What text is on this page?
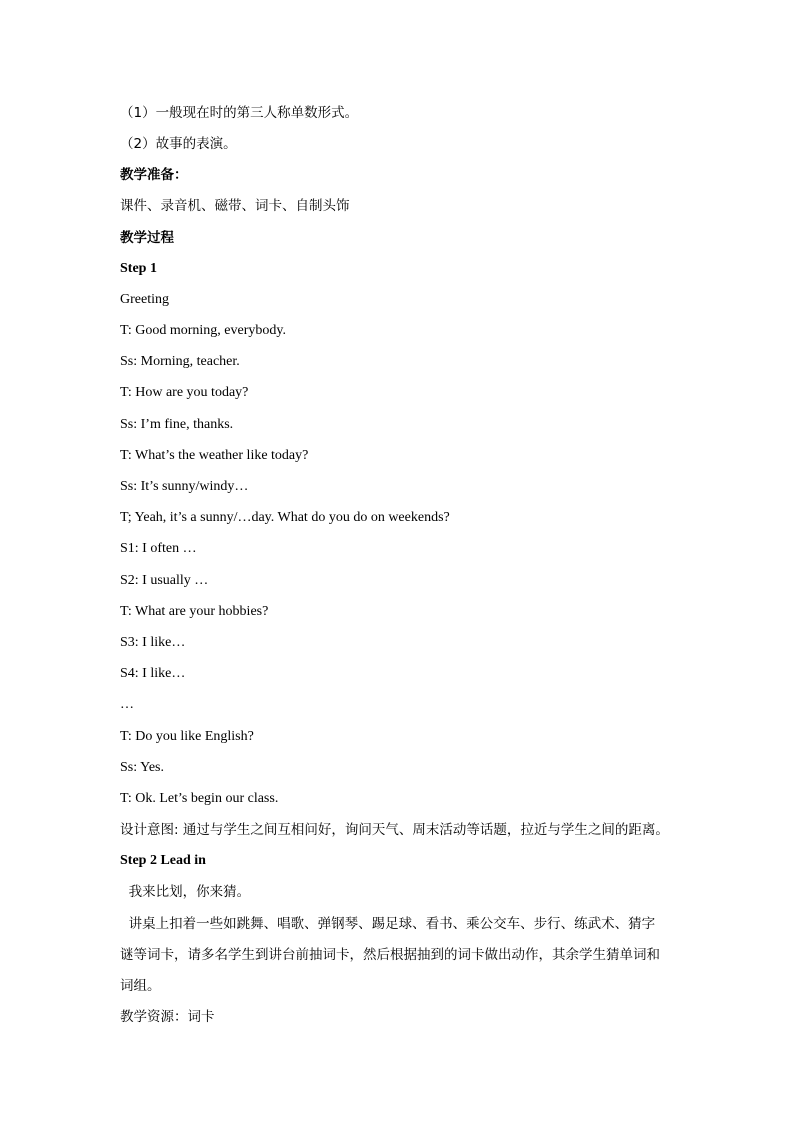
（1）一般现在时的第三人称单数形式。
（2）故事的表演。
教学准备：
课件、录音机、磁带、词卡、自制头饰
教学过程
Step 1
Greeting
T: Good morning, everybody.
Ss: Morning, teacher.
T: How are you today?
Ss: I’m fine, thanks.
T: What’s the weather like today?
Ss: It’s sunny/windy…
T; Yeah, it’s a sunny/…day. What do you do on weekends?
S1: I often …
S2: I usually …
T: What are your hobbies?
S3: I like…
S4: I like…
…
T: Do you like English?
Ss: Yes.
T: Ok. Let’s begin our class.
设计意图: 通过与学生之间互相问好，询问天气、周末活动等话题，拉近与学生之间的距离。
Step 2 Lead in
我来比划，你来猜。
讲桌上扣着一些如跳舞、唱歌、弹钢琴、踢足球、看书、乘公交车、步行、练武术、猜字
谜等词卡，请多名学生到讲台前抽词卡，然后根据抽到的词卡做出动作，其余学生猜单词和
词组。
教学资源：词卡
